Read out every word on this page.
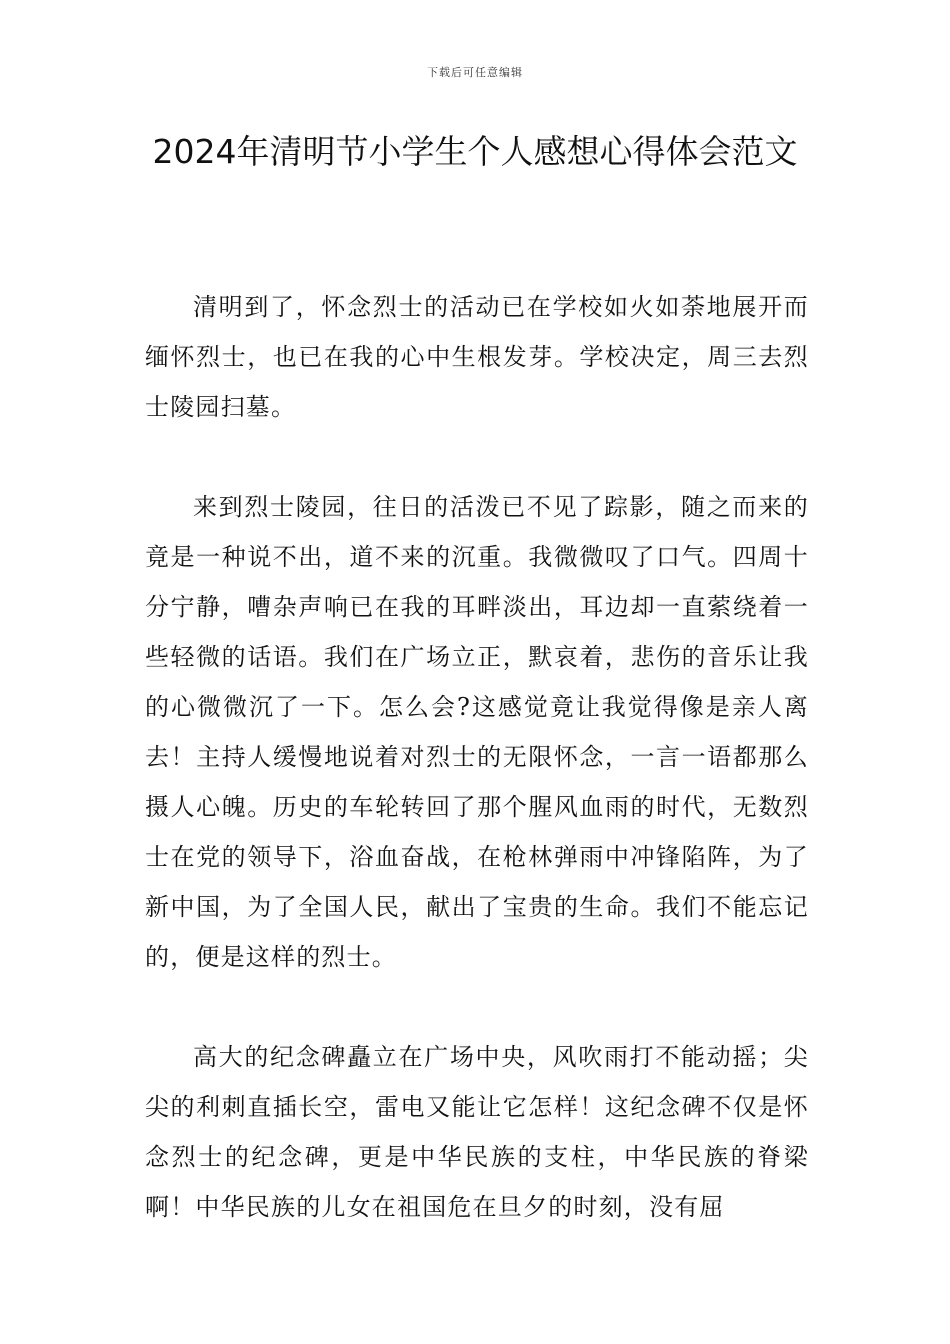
下载后可任意编辑
2024年清明节小学生个人感想心得体会范文

清明到了，怀念烈士的活动已在学校如火如荼地展开而缅怀烈士，也已在我的心中生根发芽。学校决定，周三去烈士陵园扫墓。

来到烈士陵园，往日的活泼已不见了踪影，随之而来的竟是一种说不出，道不来的沉重。我微微叹了口气。四周十分宁静，嘈杂声响已在我的耳畔淡出，耳边却一直萦绕着一些轻微的话语。我们在广场立正，默哀着，悲伤的音乐让我的心微微沉了一下。怎么会?这感觉竟让我觉得像是亲人离去！主持人缓慢地说着对烈士的无限怀念，一言一语都那么摄人心魄。历史的车轮转回了那个腥风血雨的时代，无数烈士在党的领导下，浴血奋战，在枪林弹雨中冲锋陷阵，为了新中国，为了全国人民，献出了宝贵的生命。我们不能忘记的，便是这样的烈士。

高大的纪念碑矗立在广场中央，风吹雨打不能动摇；尖尖的利刺直插长空，雷电又能让它怎样！这纪念碑不仅是怀念烈士的纪念碑，更是中华民族的支柱，中华民族的脊梁啊！中华民族的儿女在祖国危在旦夕的时刻，没有屈
